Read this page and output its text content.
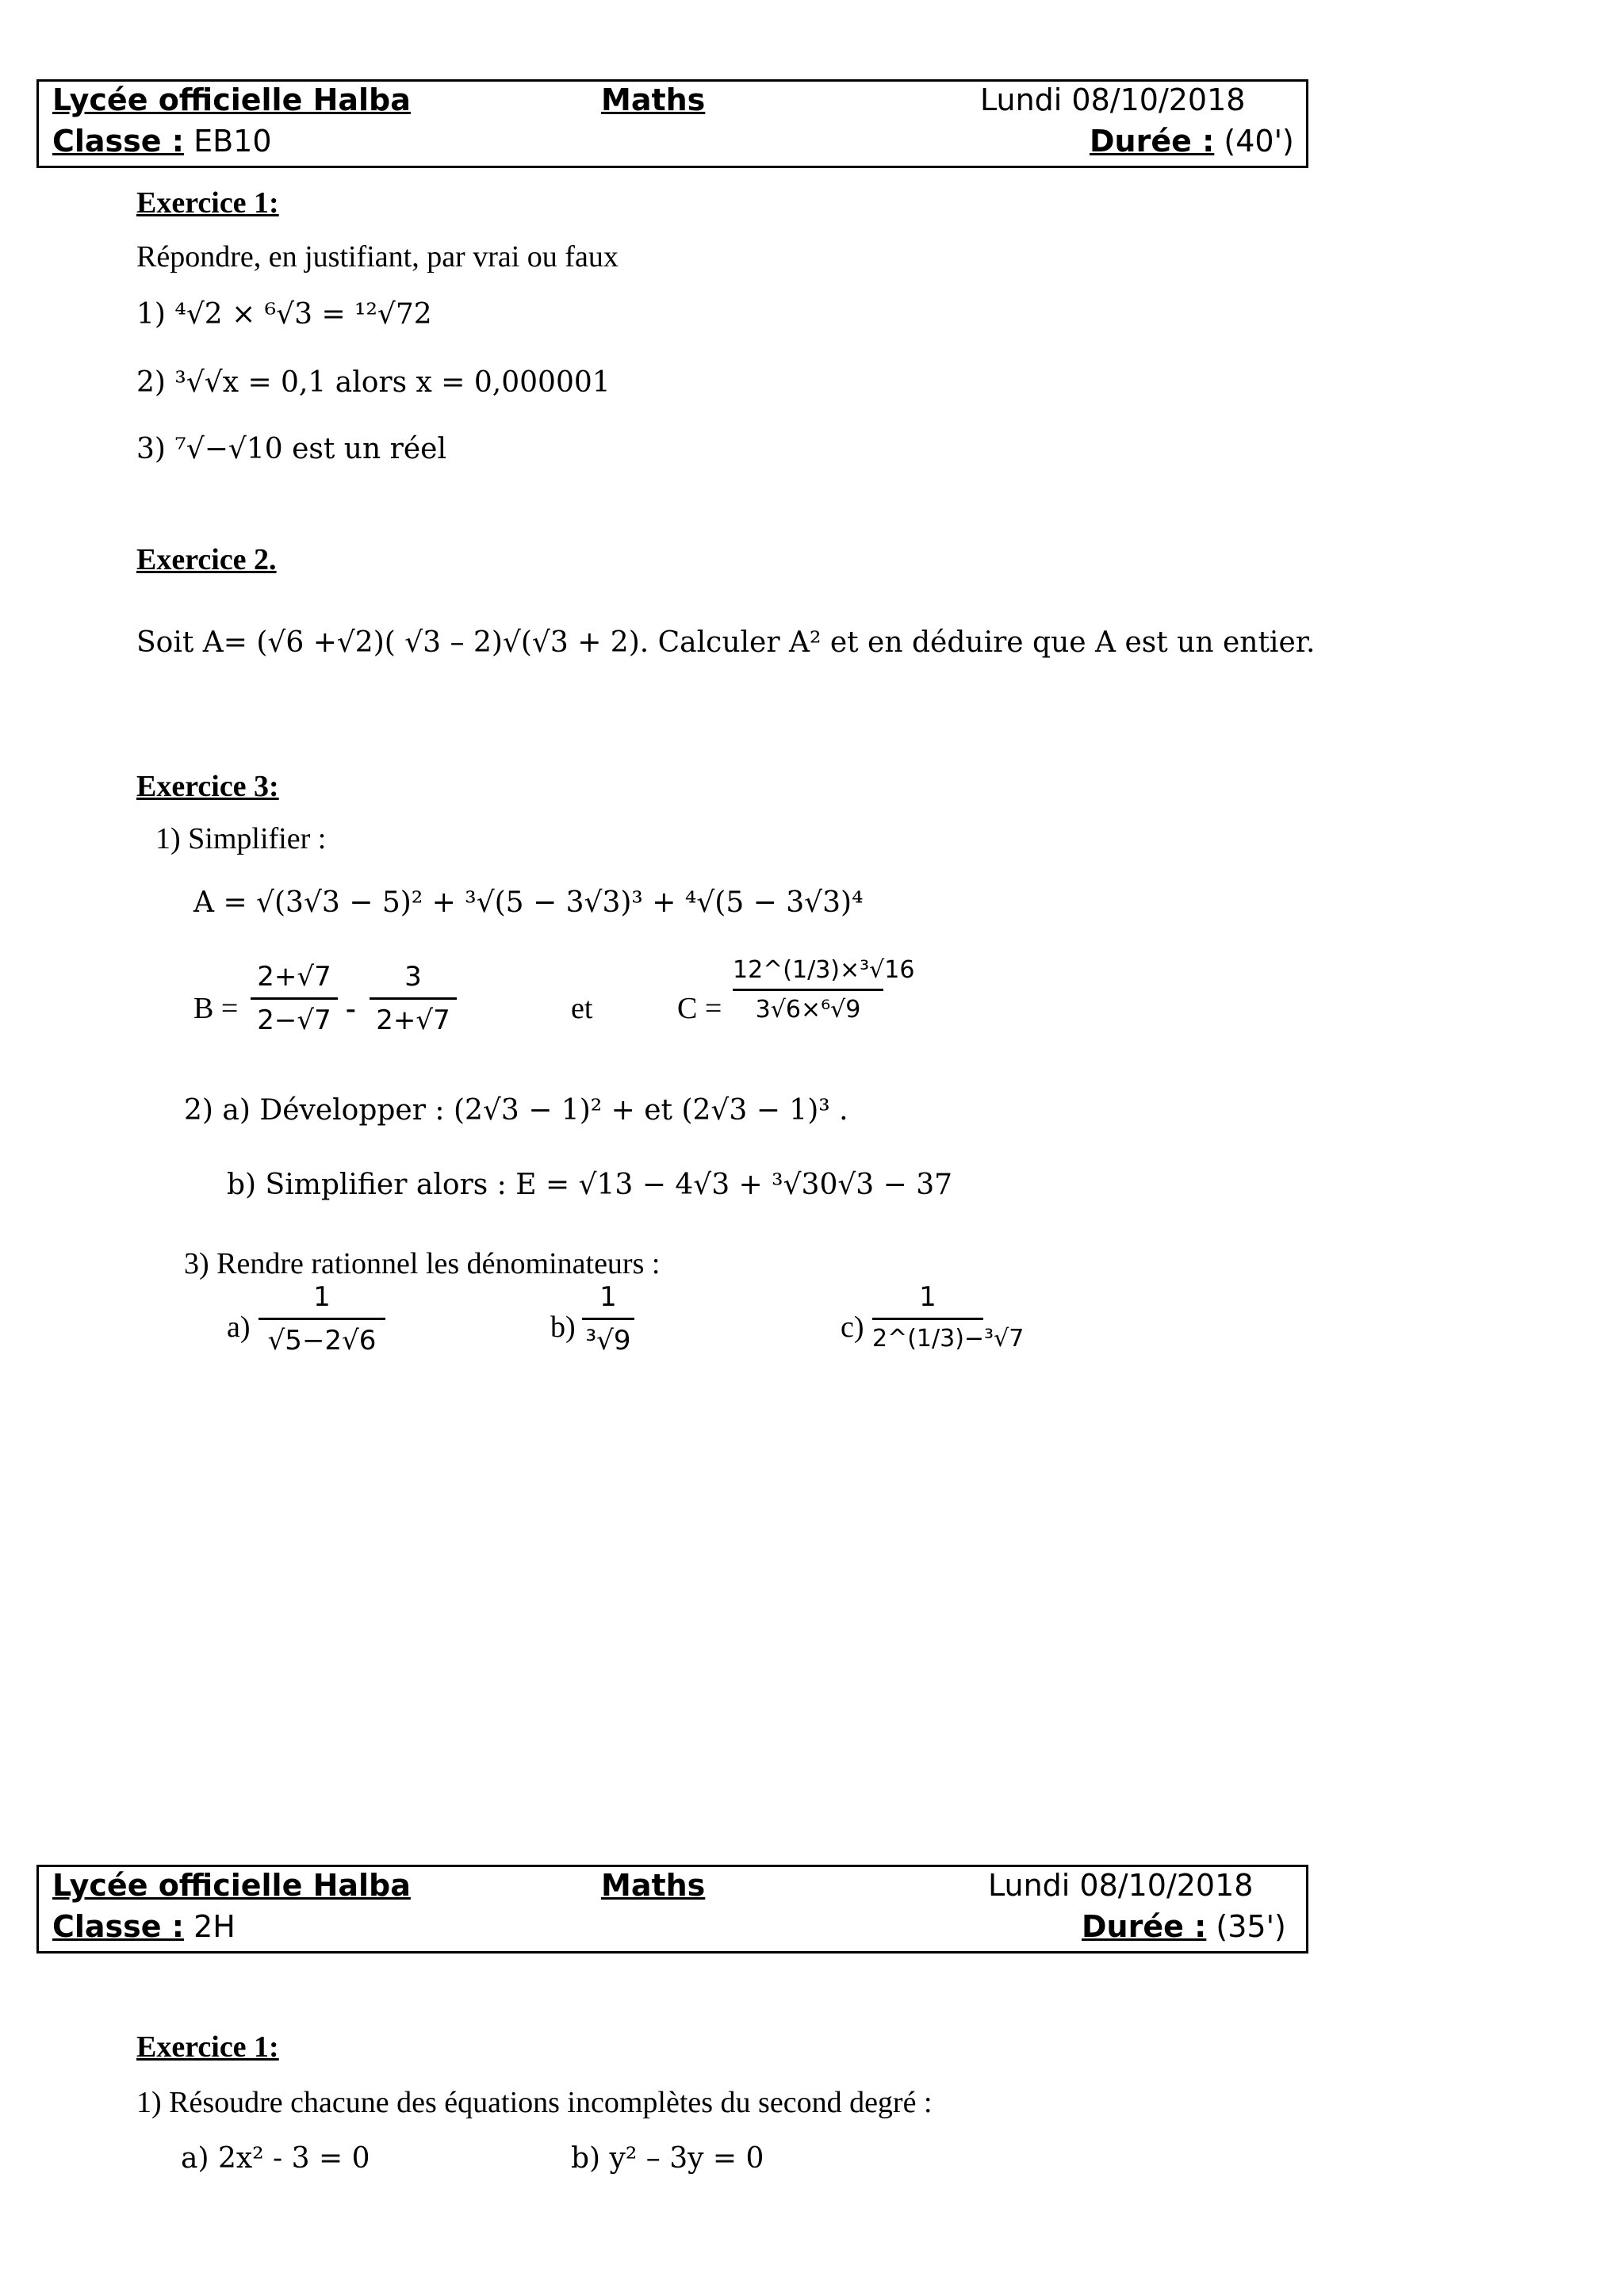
Lycée officielle Halba	Maths	Lundi 08/10/2018
Classe : EB10	Durée : (40')
Exercice 1:
Répondre, en justifiant, par vrai ou faux
1) ⁴√2 × ⁶√3 = ¹²√72
2) ³√√x = 0,1 alors x = 0,000001
3) ⁷√−√10 est un réel
Exercice 2.
Soit A= (√6 +√2)( √3 – 2)√(√3 + 2). Calculer A² et en déduire que A est un entier.
Exercice 3:
1) Simplifier :
A = √(3√3 − 5)² + ³√(5 − 3√3)³ + ⁴√(5 − 3√3)⁴
B =
2+√7
2−√7 -
3
2+√7	et	C =
12^(1/3)×³√16
3√6×⁶√9
2) a) Développer : (2√3 − 1)² + et (2√3 − 1)³ .
b) Simplifier alors : E = √13 − 4√3 + ³√30√3 − 37
3) Rendre rationnel les dénominateurs :
a)
1
√5−2√6	b)
1
³√9	c)
1
2^(1/3)−³√7
Lycée officielle Halba	Maths	Lundi 08/10/2018
Classe : 2H	Durée : (35')
Exercice 1:
1) Résoudre chacune des équations incomplètes du second degré :
a) 2x² - 3 = 0	b) y² – 3y = 0
